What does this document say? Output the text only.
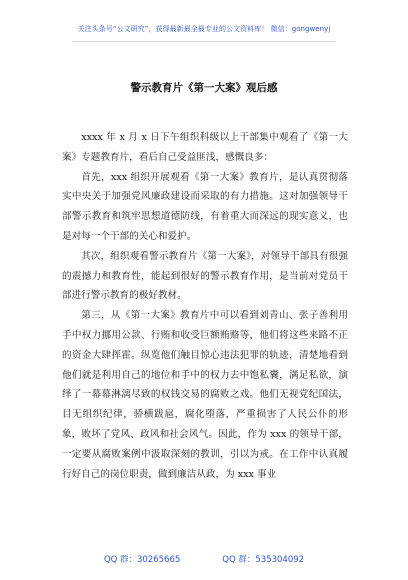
关注头条号“公文研究”，获得最新最全最专业的公文资料库！ 微信：gongwenyj
警示教育片《第一大案》观后感

xxxx 年 x 月 x 日下午组织科级以上干部集中观看了《第一大案》专题教育片，看后自己受益匪浅，感慨良多：

首先，xxx 组织开展观看《第一大案》教育片，是认真贯彻落实中央关于加强党风廉政建设而采取的有力措施。这对加强领导干部警示教育和筑牢思想道德防线，有着重大而深远的现实意义，也是对每一个干部的关心和爱护。

其次，组织观看警示教育片《第一大案》，对领导干部具有很强的震撼力和教育性，能起到很好的警示教育作用，是当前对党员干部进行警示教育的极好教材。

第三，从《第一大案》教育片中可以看到刘青山、张子善利用手中权力挪用公款、行贿和收受巨额贿赂等，他们将这些来路不正的资金大肆挥霍。纵览他们触目惊心违法犯罪的轨迹，清楚地看到他们就是利用自己的地位和手中的权力去中饱私囊，满足私欲，演绎了一幕幕淋漓尽致的权钱交易的腐败之戏。他们无视党纪国法，目无组织纪律，骄横跋扈，腐化堕落，严重损害了人民公仆的形象，败坏了党风、政风和社会风气。因此，作为 xxx 的领导干部，一定要从腐败案例中汲取深刻的教训，引以为戒。在工作中认真履行好自己的岗位职责，做到廉洁从政，为 xxx 事业

QQ 群：30265665	QQ 群：535304092
